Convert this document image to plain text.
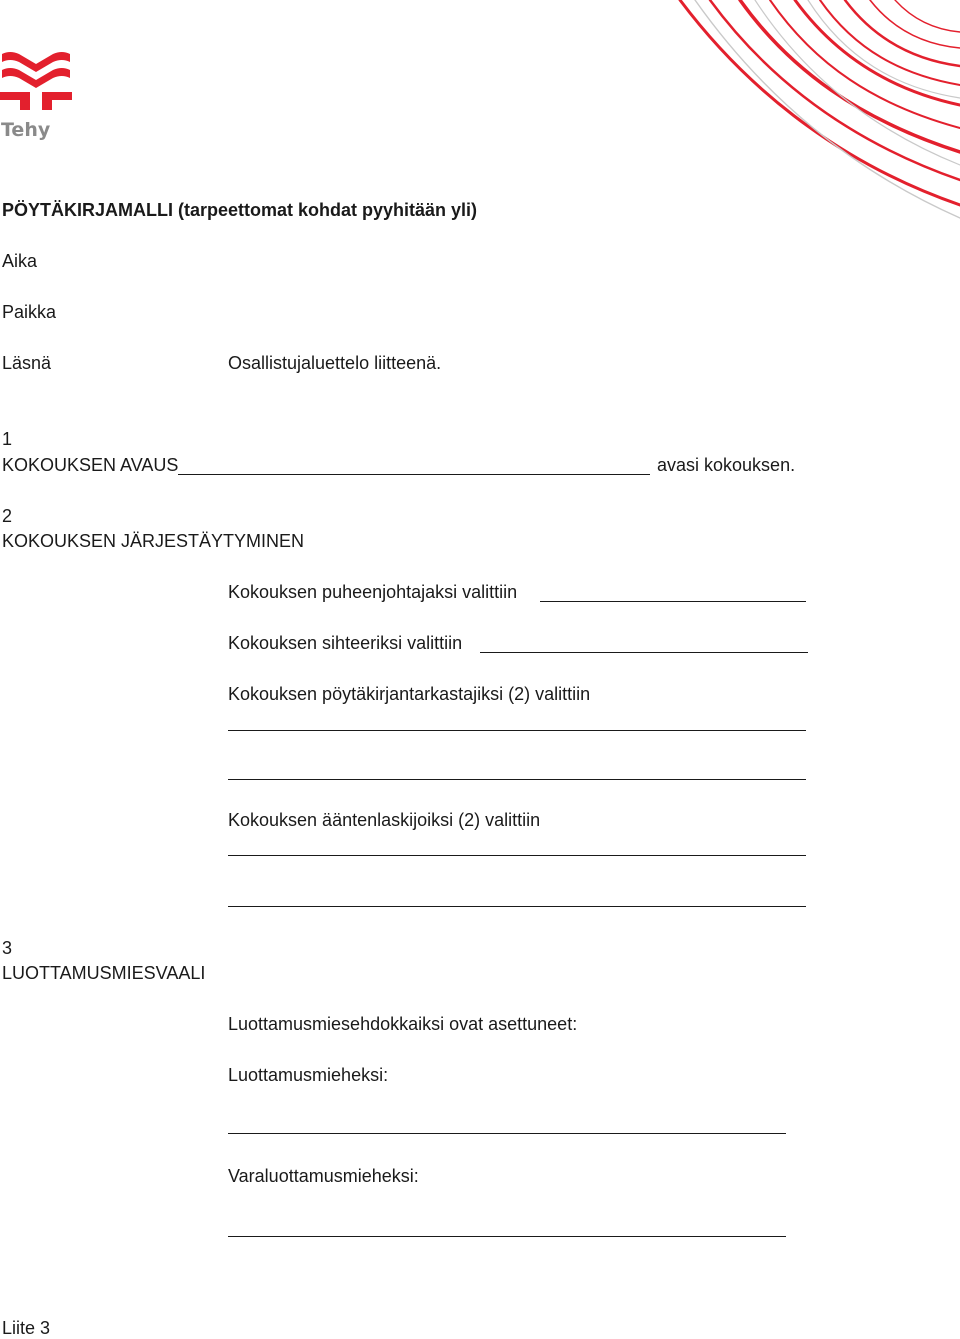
Tehy
PÖYTÄKIRJAMALLI (tarpeettomat kohdat pyyhitään yli)
Aika
Paikka
Läsnä	Osallistujaluettelo liitteenä.
1
KOKOUKSEN AVAUS	avasi kokouksen.
2
KOKOUKSEN JÄRJESTÄYTYMINEN
Kokouksen puheenjohtajaksi valittiin
Kokouksen sihteeriksi valittiin
Kokouksen pöytäkirjantarkastajiksi (2) valittiin
Kokouksen ääntenlaskijoiksi (2) valittiin
3
LUOTTAMUSMIESVAALI
Luottamusmiesehdokkaiksi ovat asettuneet:
Luottamusmieheksi:
Varaluottamusmieheksi:
Liite 3
